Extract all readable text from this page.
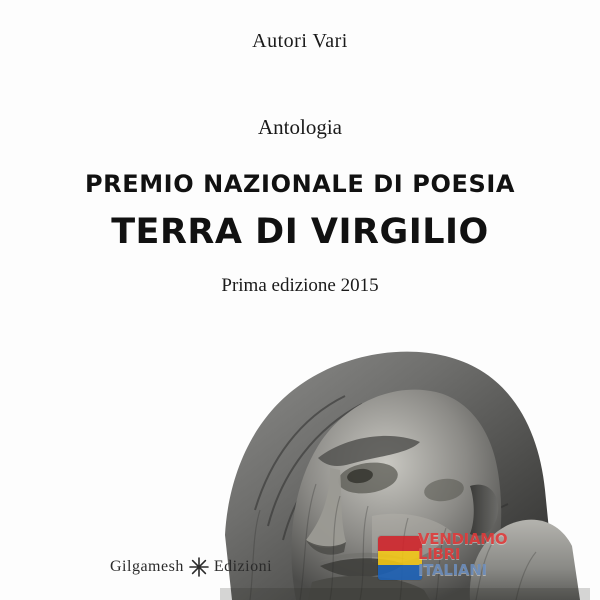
Autori Vari
Antologia
PREMIO NAZIONALE DI POESIA
TERRA DI VIRGILIO
Prima edizione 2015
Gilgamesh Edizioni
VENDIAMO
LIBRI
ITALIANI
